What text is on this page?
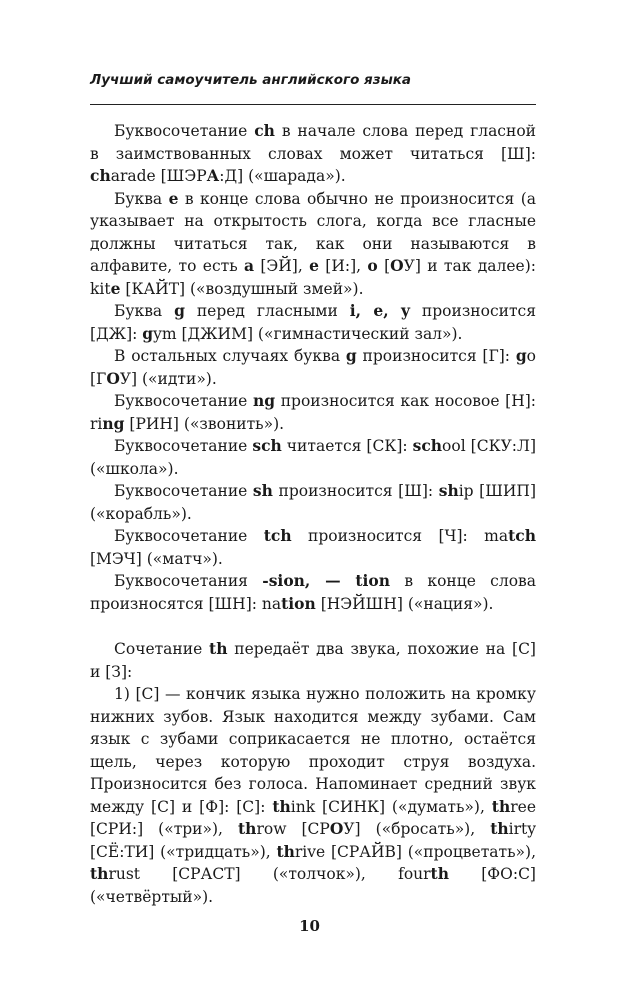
Лучший самоучитель английского языка

Буквосочетание ch в начале слова перед гласной в заимствованных словах может читаться [Ш]: charade [ШЭРА:Д] («шарада»).

Буква e в конце слова обычно не произносится (а указывает на открытость слога, когда все гласные должны читаться так, как они называются в алфавите, то есть a [ЭЙ], e [И:], o [ОУ] и так далее): kite [КАЙТ] («воздушный змей»).

Буква g перед гласными i, e, y произносится [ДЖ]: gym [ДЖИМ] («гимнастический зал»).

В остальных случаях буква g произносится [Г]: go [ГОУ] («идти»).

Буквосочетание ng произносится как носовое [Н]: ring [РИН] («звонить»).

Буквосочетание sch читается [СК]: school [СКУ:Л] («школа»).

Буквосочетание sh произносится [Ш]: ship [ШИП] («корабль»).

Буквосочетание tch произносится [Ч]: match [МЭЧ] («матч»).

Буквосочетания -sion, — tion в конце слова произносятся [ШН]: nation [НЭЙШН] («нация»).

Сочетание th передаёт два звука, похожие на [С] и [З]:

1) [С] — кончик языка нужно положить на кромку нижних зубов. Язык находится между зубами. Сам язык с зубами соприкасается не плотно, остаётся щель, через которую проходит струя воздуха. Произносится без голоса. Напоминает средний звук между [С] и [Ф]: [С]: think [СИНК] («думать»), three [СРИ:] («три»), throw [СРОУ] («бросать»), thirty [СЁ:ТИ] («тридцать»), thrive [СРАЙВ] («процветать»), thrust [СРАСТ] («толчок»), fourth [ФО:С] («четвёртый»).

10
